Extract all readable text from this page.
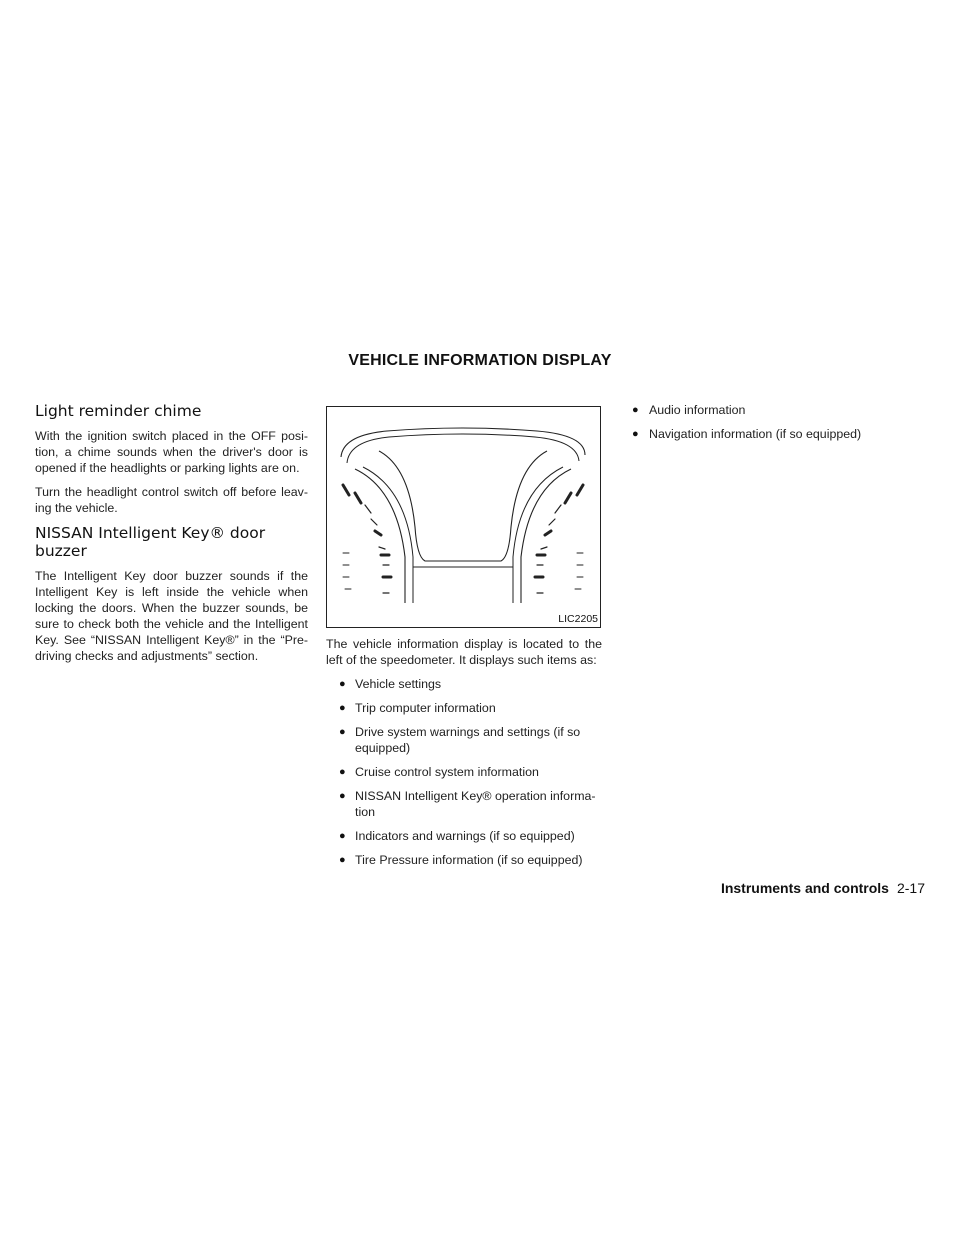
VEHICLE INFORMATION DISPLAY
Light reminder chime

With the ignition switch placed in the OFF posi- tion, a chime sounds when the driver's door is opened if the headlights or parking lights are on.

Turn the headlight control switch off before leav- ing the vehicle.

NISSAN Intelligent Key® door buzzer

The Intelligent Key door buzzer sounds if the Intelligent Key is left inside the vehicle when locking the doors. When the buzzer sounds, be sure to check both the vehicle and the Intelligent Key. See “NISSAN Intelligent Key®” in the “Pre- driving checks and adjustments” section.

LIC2205

The vehicle information display is located to the left of the speedometer. It displays such items as:

● Vehicle settings
● Trip computer information
● Drive system warnings and settings (if so equipped)
● Cruise control system information
● NISSAN Intelligent Key® operation informa- tion
● Indicators and warnings (if so equipped)
● Tire Pressure information (if so equipped)
● Audio information
● Navigation information (if so equipped)
Instruments and controls 2-17
